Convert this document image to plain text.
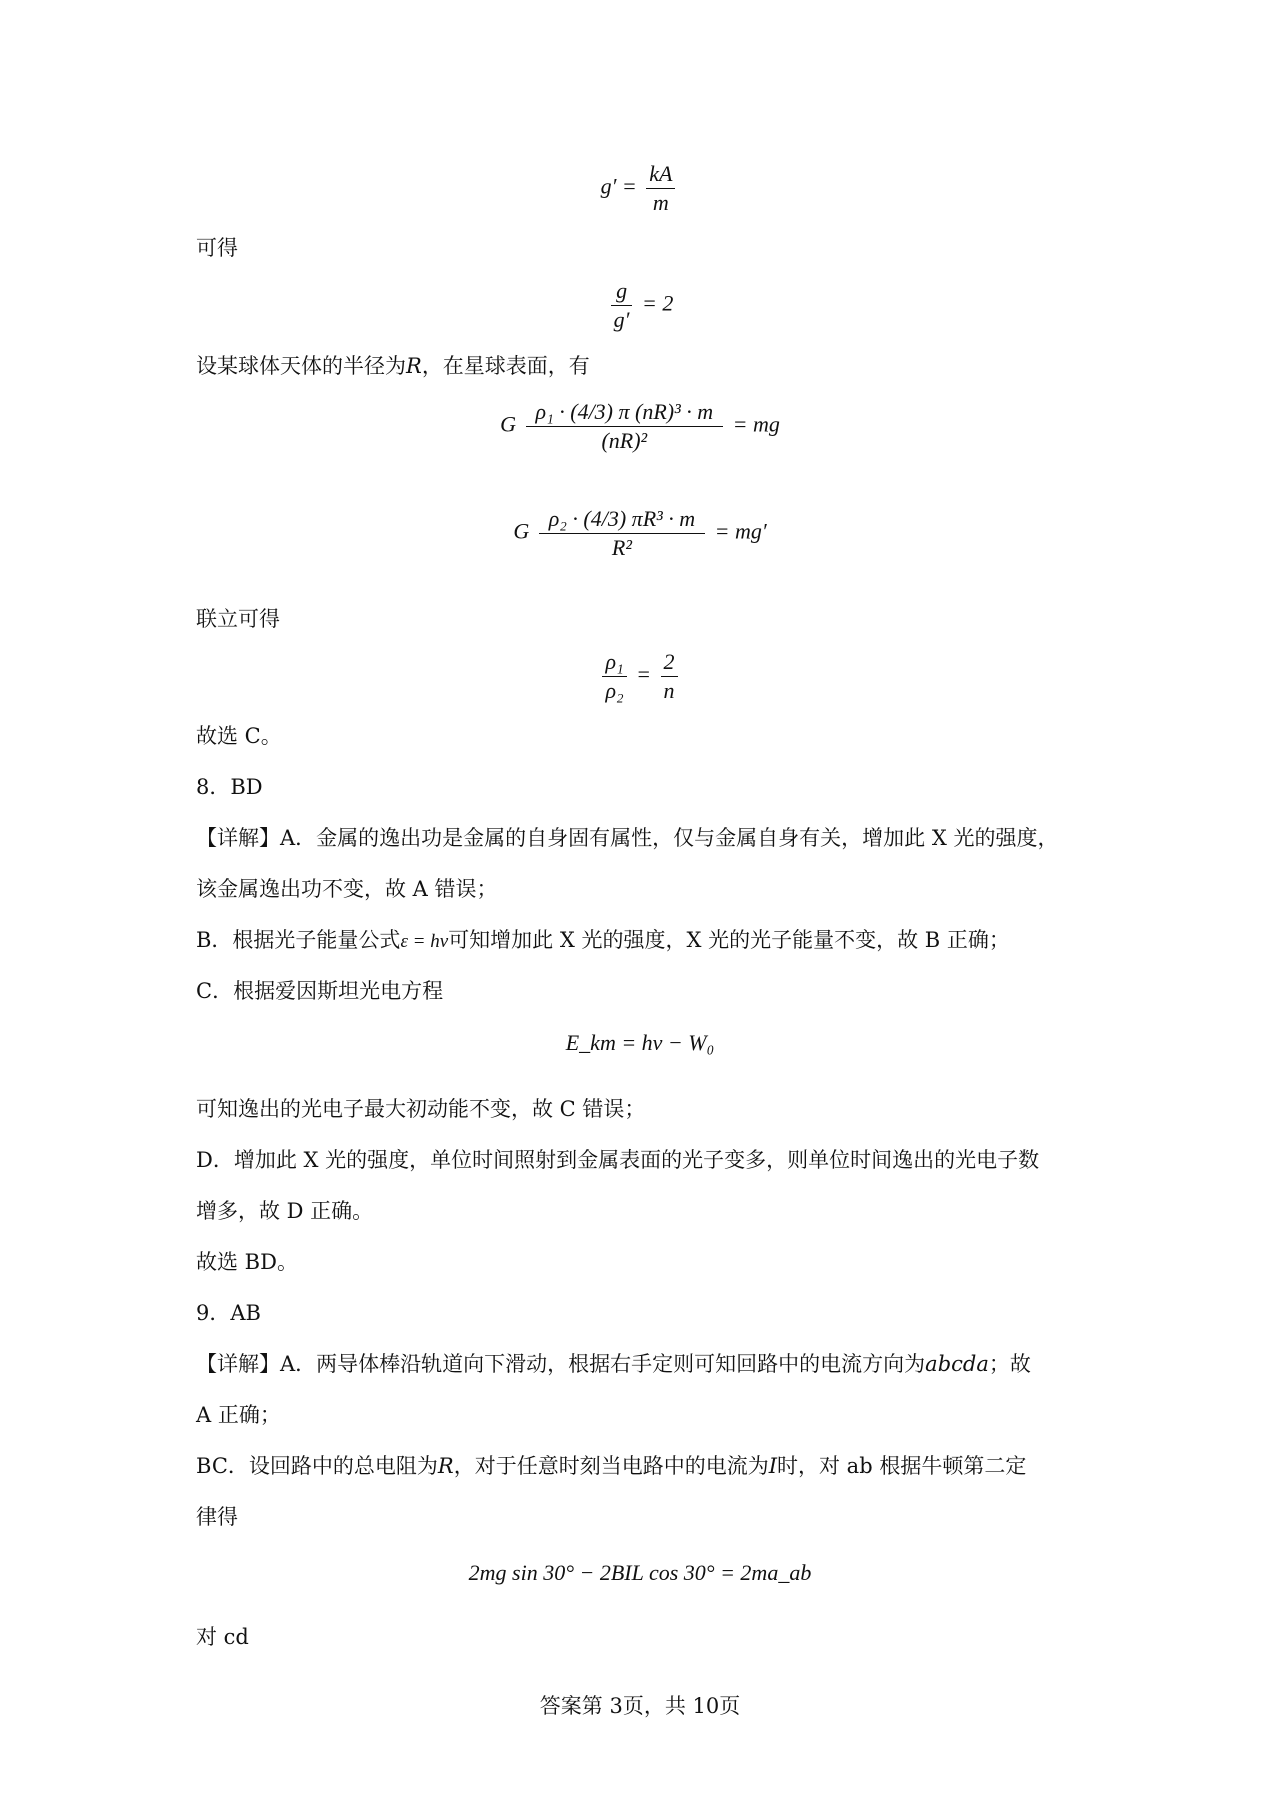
$g' = \frac{kA}{m}$
可得
$\frac{g}{g'} = 2$
设某球体天体的半径为R，在星球表面，有
G $\frac{\text{ρ₁ · (4/3) π (nR)³ · m}}{\text{(nR)²}}$ = mg
G $\frac{\text{ρ₂ · (4/3) πR³ · m}}{\text{R²}} = mg'$
联立可得
$\frac{\text{ρ₁}}{\text{ρ₂}} = \frac{2}{n}$
故选 C。
8．BD
【详解】A．金属的逸出功是金属的自身固有属性，仅与金属自身有关，增加此 X 光的强度，
该金属逸出功不变，故 A 错误；
B．根据光子能量公式ε = hν可知增加此 X 光的强度，X 光的光子能量不变，故 B 正确；
C．根据爱因斯坦光电方程
E_km = hν − W₀
可知逸出的光电子最大初动能不变，故 C 错误；
D．增加此 X 光的强度，单位时间照射到金属表面的光子变多，则单位时间逸出的光电子数
增多，故 D 正确。
故选 BD。
9．AB
【详解】A．两导体棒沿轨道向下滑动，根据右手定则可知回路中的电流方向为abcda；故
A 正确；
BC．设回路中的总电阻为R，对于任意时刻当电路中的电流为I时，对 ab 根据牛顿第二定
律得
2mg sin 30° − 2BIL cos 30° = 2ma_ab
对 cd
答案第 3页，共 10页
